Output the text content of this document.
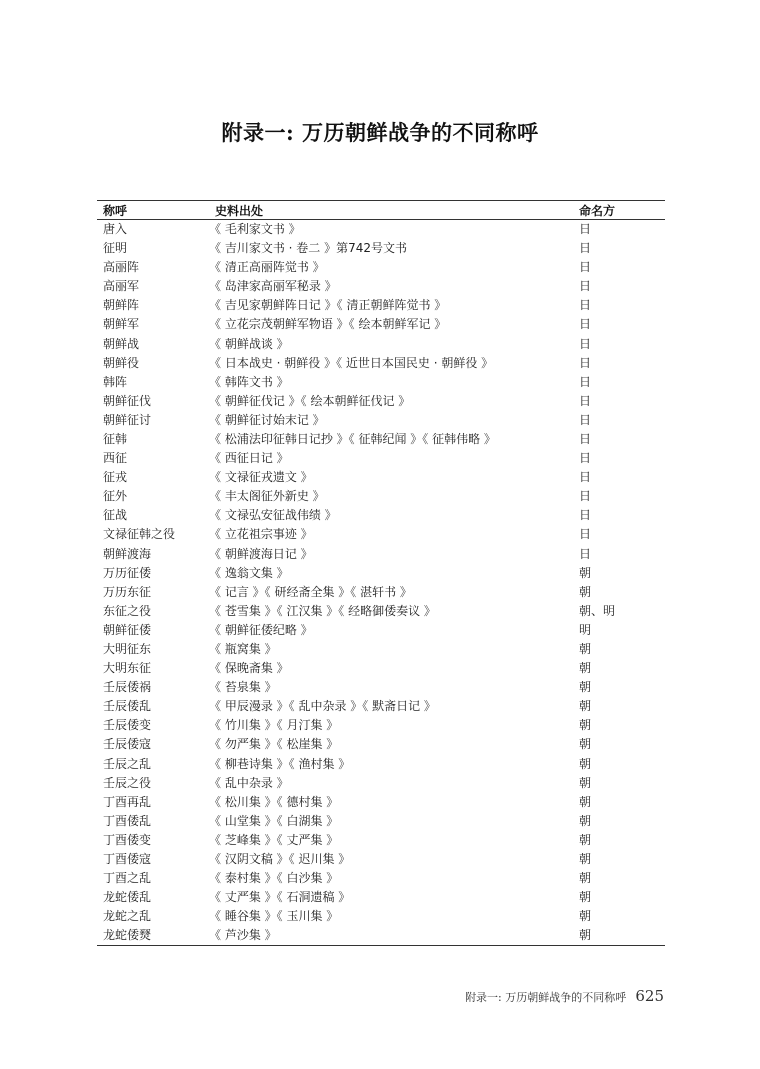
附录一: 万历朝鲜战争的不同称呼
称呼	史料出处	命名方
唐入	《 毛利家文书 》	日
征明	《 吉川家文书 · 卷二 》第742号文书	日
高丽阵	《 清正高丽阵觉书 》	日
高丽军	《 岛津家高丽军秘录 》	日
朝鲜阵	《 吉见家朝鲜阵日记 》《 清正朝鲜阵觉书 》	日
朝鲜军	《 立花宗茂朝鲜军物语 》《 绘本朝鲜军记 》	日
朝鲜战	《 朝鲜战谈 》	日
朝鲜役	《 日本战史 · 朝鲜役 》《 近世日本国民史 · 朝鲜役 》	日
韩阵	《 韩阵文书 》	日
朝鲜征伐	《 朝鲜征伐记 》《 绘本朝鲜征伐记 》	日
朝鲜征讨	《 朝鲜征讨始末记 》	日
征韩	《 松浦法印征韩日记抄 》《 征韩纪闻 》《 征韩伟略 》	日
西征	《 西征日记 》	日
征戎	《 文禄征戎遗文 》	日
征外	《 丰太阁征外新史 》	日
征战	《 文禄弘安征战伟绩 》	日
文禄征韩之役	《 立花祖宗事迹 》	日
朝鲜渡海	《 朝鲜渡海日记 》	日
万历征倭	《 逸翁文集 》	朝
万历东征	《 记言 》《 研经斋全集 》《 湛轩书 》	朝
东征之役	《 苍雪集 》《 江汉集 》《 经略御倭奏议 》	朝、明
朝鲜征倭	《 朝鲜征倭纪略 》	明
大明征东	《 瓶窝集 》	朝
大明东征	《 保晚斋集 》	朝
壬辰倭祸	《 苔泉集 》	朝
壬辰倭乱	《 甲辰漫录 》《 乱中杂录 》《 默斋日记 》	朝
壬辰倭变	《 竹川集 》《 月汀集 》	朝
壬辰倭寇	《 勿严集 》《 松崖集 》	朝
壬辰之乱	《 柳巷诗集 》《 渔村集 》	朝
壬辰之役	《 乱中杂录 》	朝
丁酉再乱	《 松川集 》《 德村集 》	朝
丁酉倭乱	《 山堂集 》《 白湖集 》	朝
丁酉倭变	《 芝峰集 》《 丈严集 》	朝
丁酉倭寇	《 汉阴文稿 》《 迟川集 》	朝
丁酉之乱	《 泰村集 》《 白沙集 》	朝
龙蛇倭乱	《 丈严集 》《 石洞遗稿 》	朝
龙蛇之乱	《 睡谷集 》《 玉川集 》	朝
龙蛇倭燹	《 芦沙集 》	朝
附录一: 万历朝鲜战争的不同称呼 625
